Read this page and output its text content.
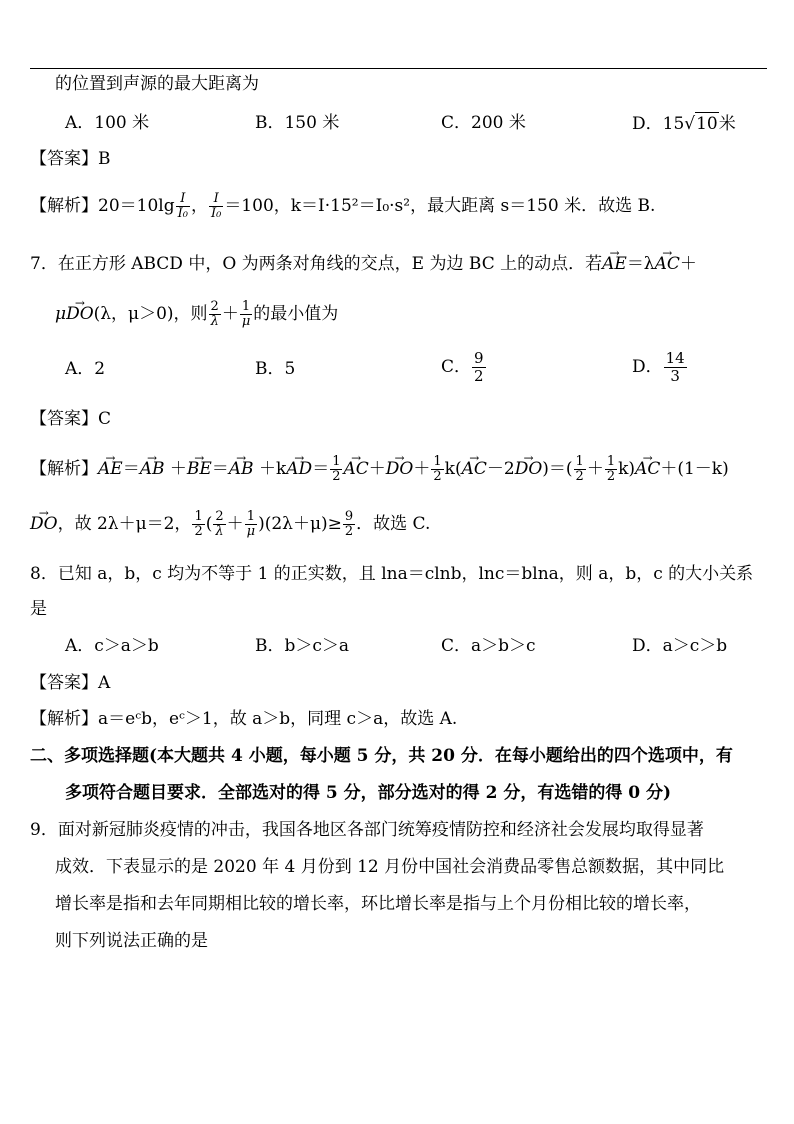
的位置到声源的最大距离为
A．100 米	B．150 米	C．200 米	D．15√10米
【答案】B
【解析】$20=10\lg \frac{I}{\text{I₀}}$ ， $\frac{I}{\text{I₀}} =100$，k＝I·15²＝I₀·s²，最大距离 s＝150 米．故选 B.
7．在正方形 ABCD 中，O 为两条对角线的交点，E 为边 BC 上的动点．若→ AE＝λ→ AC＋
μ→ DO(λ，μ＞0)，则 $\frac{2}{\lambda} + \frac{1}{\mu}$ 的最小值为
A．2	B．5	C． $\frac{9}{2}$	D． $\frac{14}{3}$
【答案】C
【解析】→ AE＝→ AB ＋→ BE＝→ AB $+k\to AD= \frac{1}{2}$
→ $AC+\to DO+ \frac{1}{2} k(\to AC-2\to DO)=( \frac{1}{2} + \frac{1}{2} k)\to AC+(1-k)$
→ DO，故 2λ＋μ＝2， $\frac{1}{2}$ ( $\frac{2}{\lambda} + \frac{1}{\mu} )(2\lambda+\mu)\ge \frac{9}{2}$ ．故选 C.
8．已知 a，b，c 均为不等于 1 的正实数，且 lna＝clnb，lnc＝blna，则 a，b，c 的大小关系
是
A．c＞a＞b	B．b＞c＞a	C．a＞b＞c	D．a＞c＞b
【答案】A
【解析】a＝eᶜb，eᶜ＞1，故 a＞b，同理 c＞a，故选 A.
二、多项选择题(本大题共 4 小题，每小题 5 分，共 20 分．在每小题给出的四个选项中，有
多项符合题目要求．全部选对的得 5 分，部分选对的得 2 分，有选错的得 0 分)
9．面对新冠肺炎疫情的冲击，我国各地区各部门统筹疫情防控和经济社会发展均取得显著
成效．下表显示的是 2020 年 4 月份到 12 月份中国社会消费品零售总额数据，其中同比
增长率是指和去年同期相比较的增长率，环比增长率是指与上个月份相比较的增长率，
则下列说法正确的是
